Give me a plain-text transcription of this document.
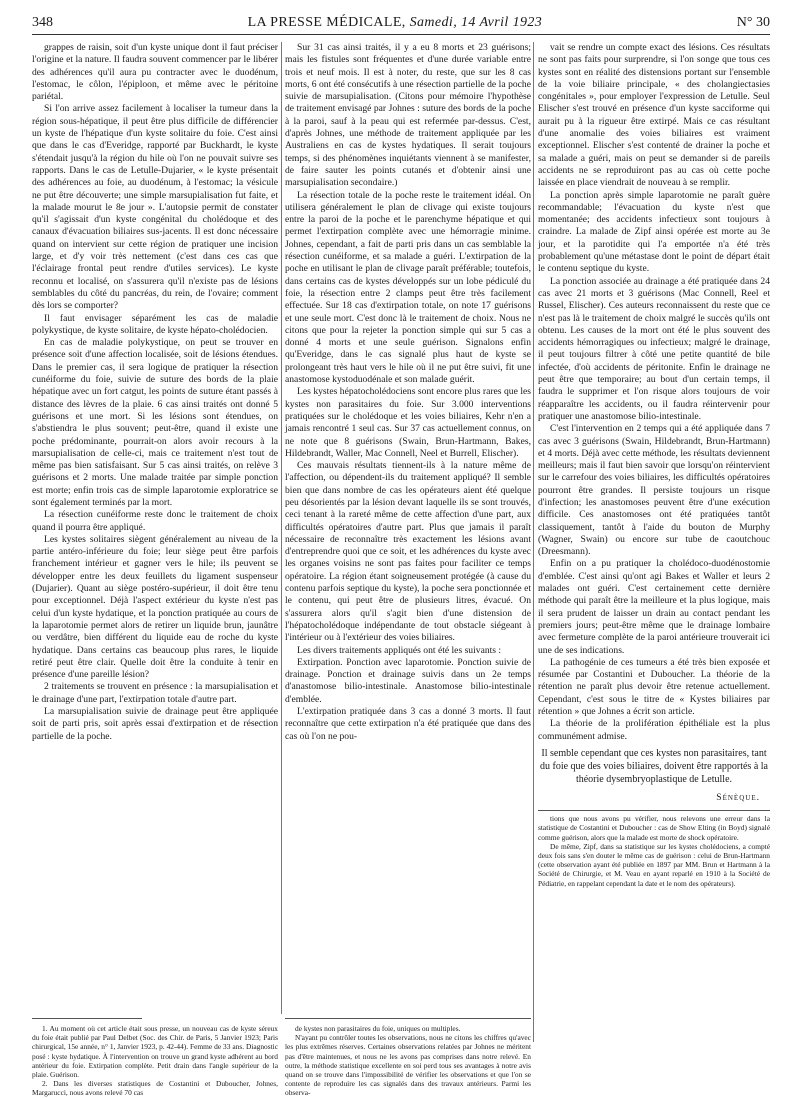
348	LA PRESSE MÉDICALE, Samedi, 14 Avril 1923	N° 30

grappes de raisin, soit d'un kyste unique dont il faut préciser l'origine et la nature. Il faudra souvent commencer par le libérer des adhérences qu'il aura pu contracter avec le duodénum, l'estomac, le côlon, l'épiploon, et même avec le péritoine pariétal.

Si l'on arrive assez facilement à localiser la tumeur dans la région sous-hépatique, il peut être plus difficile de différencier un kyste de l'hépatique d'un kyste solitaire du foie. C'est ainsi que dans le cas d'Everidge, rapporté par Buckhardt, le kyste s'étendait jusqu'à la région du hile où l'on ne pouvait suivre ses rapports. Dans le cas de Letulle-Dujarier, « le kyste présentait des adhérences au foie, au duodénum, à l'estomac; la vésicule ne put être découverte; une simple marsupialisation fut faite, et la malade mourut le 8e jour ». L'autopsie permit de constater qu'il s'agissait d'un kyste congénital du cholédoque et des canaux d'évacuation biliaires sus-jacents. Il est donc nécessaire quand on intervient sur cette région de pratiquer une incision large, et d'y voir très nettement (c'est dans ces cas que l'éclairage frontal peut rendre d'utiles services). Le kyste reconnu et localisé, on s'assurera qu'il n'existe pas de lésions semblables du côté du pancréas, du rein, de l'ovaire; comment dès lors se comporter?

Il faut envisager séparément les cas de maladie polykystique, de kyste solitaire, de kyste hépato-cholédocien.

En cas de maladie polykystique, on peut se trouver en présence soit d'une affection localisée, soit de lésions étendues. Dans le premier cas, il sera logique de pratiquer la résection cunéiforme du foie, suivie de suture des bords de la plaie hépatique avec un fort catgut, les points de suture étant passés à distance des lèvres de la plaie. 6 cas ainsi traités ont donné 5 guérisons et une mort. Si les lésions sont étendues, on s'abstiendra le plus souvent; peut-être, quand il existe une poche prédominante, pourrait-on alors avoir recours à la marsupialisation de celle-ci, mais ce traitement n'est tout de même pas bien satisfaisant. Sur 5 cas ainsi traités, on relève 3 guérisons et 2 morts. Une malade traitée par simple ponction est morte; enfin trois cas de simple laparotomie exploratrice se sont également terminés par la mort.

La résection cunéiforme reste donc le traitement de choix quand il pourra être appliqué.

Les kystes solitaires siègent généralement au niveau de la partie antéro-inférieure du foie; leur siège peut être parfois franchement intérieur et gagner vers le hile; ils peuvent se développer entre les deux feuillets du ligament suspenseur (Dujarier). Quant au siège postéro-supérieur, il doit être tenu pour exceptionnel. Déjà l'aspect extérieur du kyste n'est pas celui d'un kyste hydatique, et la ponction pratiquée au cours de la laparotomie permet alors de retirer un liquide brun, jaunâtre ou verdâtre, bien différent du liquide eau de roche du kyste hydatique. Dans certains cas beaucoup plus rares, le liquide retiré peut être clair. Quelle doit être la conduite à tenir en présence d'une pareille lésion?

2 traitements se trouvent en présence : la marsupialisation et le drainage d'une part, l'extirpation totale d'autre part.

La marsupialisation suivie de drainage peut être appliquée soit de parti pris, soit après essai d'extirpation et de résection partielle de la poche.

Sur 31 cas ainsi traités, il y a eu 8 morts et 23 guérisons; mais les fistules sont fréquentes et d'une durée variable entre trois et neuf mois. Il est à noter, du reste, que sur les 8 cas morts, 6 ont été consécutifs à une résection partielle de la poche suivie de marsupialisation. (Citons pour mémoire l'hypothèse de traitement envisagé par Johnes : suture des bords de la poche à la paroi, sauf à la peau qui est refermée par-dessus. C'est, d'après Johnes, une méthode de traitement appliquée par les Australiens en cas de kystes hydatiques. Il serait toujours temps, si des phénomènes inquiétants viennent à se manifester, de faire sauter les points cutanés et d'obtenir ainsi une marsupialisation secondaire.)

La résection totale de la poche reste le traitement idéal. On utilisera généralement le plan de clivage qui existe toujours entre la paroi de la poche et le parenchyme hépatique et qui permet l'extirpation complète avec une hémorragie minime. Johnes, cependant, a fait de parti pris dans un cas semblable la résection cunéiforme, et sa malade a guéri. L'extirpation de la poche en utilisant le plan de clivage paraît préférable; toutefois, dans certains cas de kystes développés sur un lobe pédiculé du foie, la résection entre 2 clamps peut être très facilement effectuée. Sur 18 cas d'extirpation totale, on note 17 guérisons et une seule mort. C'est donc là le traitement de choix. Nous ne citons que pour la rejeter la ponction simple qui sur 5 cas a donné 4 morts et une seule guérison. Signalons enfin qu'Everidge, dans le cas signalé plus haut de kyste se prolongeant très haut vers le hile où il ne put être suivi, fit une anastomose kystoduodénale et son malade guérit.

Les kystes hépatocholédociens sont encore plus rares que les kystes non parasitaires du foie. Sur 3.000 interventions pratiquées sur le cholédoque et les voies biliaires, Kehr n'en a jamais rencontré 1 seul cas. Sur 37 cas actuellement connus, on ne note que 8 guérisons (Swain, Brun-Hartmann, Bakes, Hildebrandt, Waller, Mac Connell, Neel et Burrell, Elischer).

Ces mauvais résultats tiennent-ils à la nature même de l'affection, ou dépendent-ils du traitement appliqué? Il semble bien que dans nombre de cas les opérateurs aient été quelque peu désorientés par la lésion devant laquelle ils se sont trouvés, ceci tenant à la rareté même de cette affection d'une part, aux difficultés opératoires d'autre part. Plus que jamais il paraît nécessaire de reconnaître très exactement les lésions avant d'entreprendre quoi que ce soit, et les adhérences du kyste avec les organes voisins ne sont pas faites pour faciliter ce temps opératoire. La région étant soigneusement protégée (à cause du contenu parfois septique du kyste), la poche sera ponctionnée et le contenu, qui peut être de plusieurs litres, évacué. On s'assurera alors qu'il s'agit bien d'une distension de l'hépatocholédoque indépendante de tout obstacle siégeant à l'intérieur ou à l'extérieur des voies biliaires.

Les divers traitements appliqués ont été les suivants :

Extirpation. Ponction avec laparotomie. Ponction suivie de drainage. Ponction et drainage suivis dans un 2e temps d'anastomose bilio-intestinale. Anastomose bilio-intestinale d'emblée.

L'extirpation pratiquée dans 3 cas a donné 3 morts. Il faut reconnaître que cette extirpation n'a été pratiquée que dans des cas où l'on ne pou-

vait se rendre un compte exact des lésions. Ces résultats ne sont pas faits pour surprendre, si l'on songe que tous ces kystes sont en réalité des distensions portant sur l'ensemble de la voie biliaire principale, « des cholangiectasies congénitales », pour employer l'expression de Letulle. Seul Elischer s'est trouvé en présence d'un kyste sacciforme qui aurait pu à la rigueur être extirpé. Mais ce cas résultant d'une anomalie des voies biliaires est vraiment exceptionnel. Elischer s'est contenté de drainer la poche et sa malade a guéri, mais on peut se demander si de pareils accidents ne se reproduiront pas au cas où cette poche laissée en place viendrait de nouveau à se remplir.

La ponction après simple laparotomie ne paraît guère recommandable; l'évacuation du kyste n'est que momentanée; des accidents infectieux sont toujours à craindre. La malade de Zipf ainsi opérée est morte au 3e jour, et la parotidite qui l'a emportée n'a été très probablement qu'une métastase dont le point de départ était le contenu septique du kyste.

La ponction associée au drainage a été pratiquée dans 24 cas avec 21 morts et 3 guérisons (Mac Connell, Reel et Russel, Elischer). Ces auteurs reconnaissent du reste que ce n'est pas là le traitement de choix malgré le succès qu'ils ont obtenu. Les causes de la mort ont été le plus souvent des accidents hémorragiques ou infectieux; malgré le drainage, il peut toujours filtrer à côté une petite quantité de bile infectée, d'où accidents de péritonite. Enfin le drainage ne peut être que temporaire; au bout d'un certain temps, il faudra le supprimer et l'on risque alors toujours de voir réapparaître les accidents, ou il faudra réintervenir pour pratiquer une anastomose bilio-intestinale.

C'est l'intervention en 2 temps qui a été appliquée dans 7 cas avec 3 guérisons (Swain, Hildebrandt, Brun-Hartmann) et 4 morts. Déjà avec cette méthode, les résultats deviennent meilleurs; mais il faut bien savoir que lorsqu'on réintervient sur le carrefour des voies biliaires, les difficultés opératoires pourront être grandes. Il persiste toujours un risque d'infection; les anastomoses peuvent être d'une exécution difficile. Ces anastomoses ont été pratiquées tantôt classiquement, tantôt à l'aide du bouton de Murphy (Wagner, Swain) ou encore sur tube de caoutchouc (Dreesmann).

Enfin on a pu pratiquer la cholédoco-duodénostomie d'emblée. C'est ainsi qu'ont agi Bakes et Waller et leurs 2 malades ont guéri. C'est certainement cette dernière méthode qui paraît être la meilleure et la plus logique, mais il sera prudent de laisser un drain au contact pendant les premiers jours; peut-être même que le drainage lombaire avec fermeture complète de la paroi antérieure trouverait ici une de ses indications.

La pathogénie de ces tumeurs a été très bien exposée et résumée par Costantini et Duboucher. La théorie de la rétention ne paraît plus devoir être retenue actuellement. Cependant, c'est sous le titre de « Kystes biliaires par rétention » que Johnes a écrit son article.

La théorie de la prolifération épithéliale est la plus communément admise.

Il semble cependant que ces kystes non parasitaires, tant du foie que des voies biliaires, doivent être rapportés à la théorie dysembryoplastique de Letulle.

Sénèque.

tions que nous avons pu vérifier, nous relevons une erreur dans la statistique de Costantini et Duboucher : cas de Show Elting (in Boyd) signalé comme guérison, alors que la malade est morte de shock opératoire.

De même, Zipf, dans sa statistique sur les kystes cholédociens, a compté deux fois sans s'en douter le même cas de guérison : celui de Brun-Hartmann (cette observation ayant été publiée en 1897 par MM. Brun et Hartmann à la Société de Chirurgie, et M. Veau en ayant reparlé en 1910 à la Société de Pédiatrie, en rappelant cependant la date et le nom des opérateurs).

1. Au moment où cet article était sous presse, un nouveau cas de kyste séreux du foie était publié par Paul Delbet (Soc. des Chir. de Paris, 5 Janvier 1923; Paris chirurgical, 15e année, n° 1, Janvier 1923, p. 42-44). Femme de 33 ans. Diagnostic posé : kyste hydatique. À l'intervention on trouve un grand kyste adhérent au bord antérieur du foie. Extirpation complète. Petit drain dans l'angle supérieur de la plaie. Guérison.

2. Dans les diverses statistiques de Costantini et Duboucher, Johnes, Margarucci, nous avons relevé 70 cas

de kystes non parasitaires du foie, uniques ou multiples.

N'ayant pu contrôler toutes les observations, nous ne citons les chiffres qu'avec les plus extrêmes réserves. Certaines observations relatées par Johnes ne méritent pas d'être maintenues, et nous ne les avons pas comprises dans notre relevé. En outre, la méthode statistique excellente en soi perd tous ses avantages à notre avis quand on se trouve dans l'impossibilité de vérifier les observations et que l'on se contente de reproduire les cas signalés dans des travaux antérieurs. Parmi les observa-
